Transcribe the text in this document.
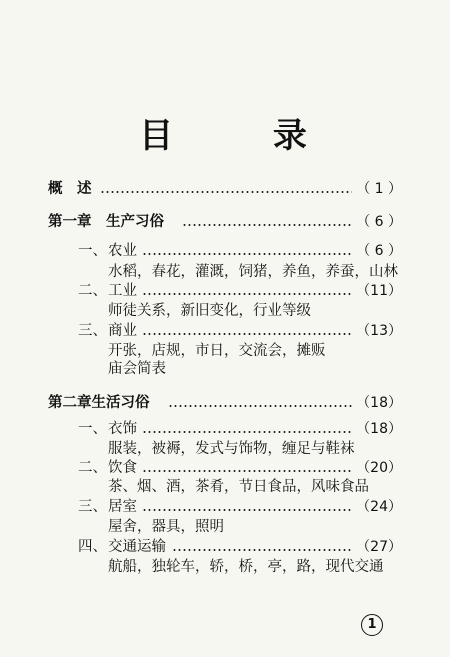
目 录
概　述	（ 1 ）
第一章　生产习俗	（ 6 ）
一、 农业	（ 6 ）
水稻，春花，灌溉，饲猪，养鱼，养蚕，山林
二、 工业	（11）
师徒关系，新旧变化，行业等级
三、 商业	（13）
开张，店规，市日，交流会，摊贩
庙会简表
第二章生活习俗	（18）
一、 衣饰	（18）
服装，被褥，发式与饰物，缠足与鞋袜
二、 饮食	（20）
茶、烟、酒，茶肴，节日食品，风味食品
三、 居室	（24）
屋舍，器具，照明
四、 交通运输	（27）
航船，独轮车，轿，桥，亭，路，现代交通
1
